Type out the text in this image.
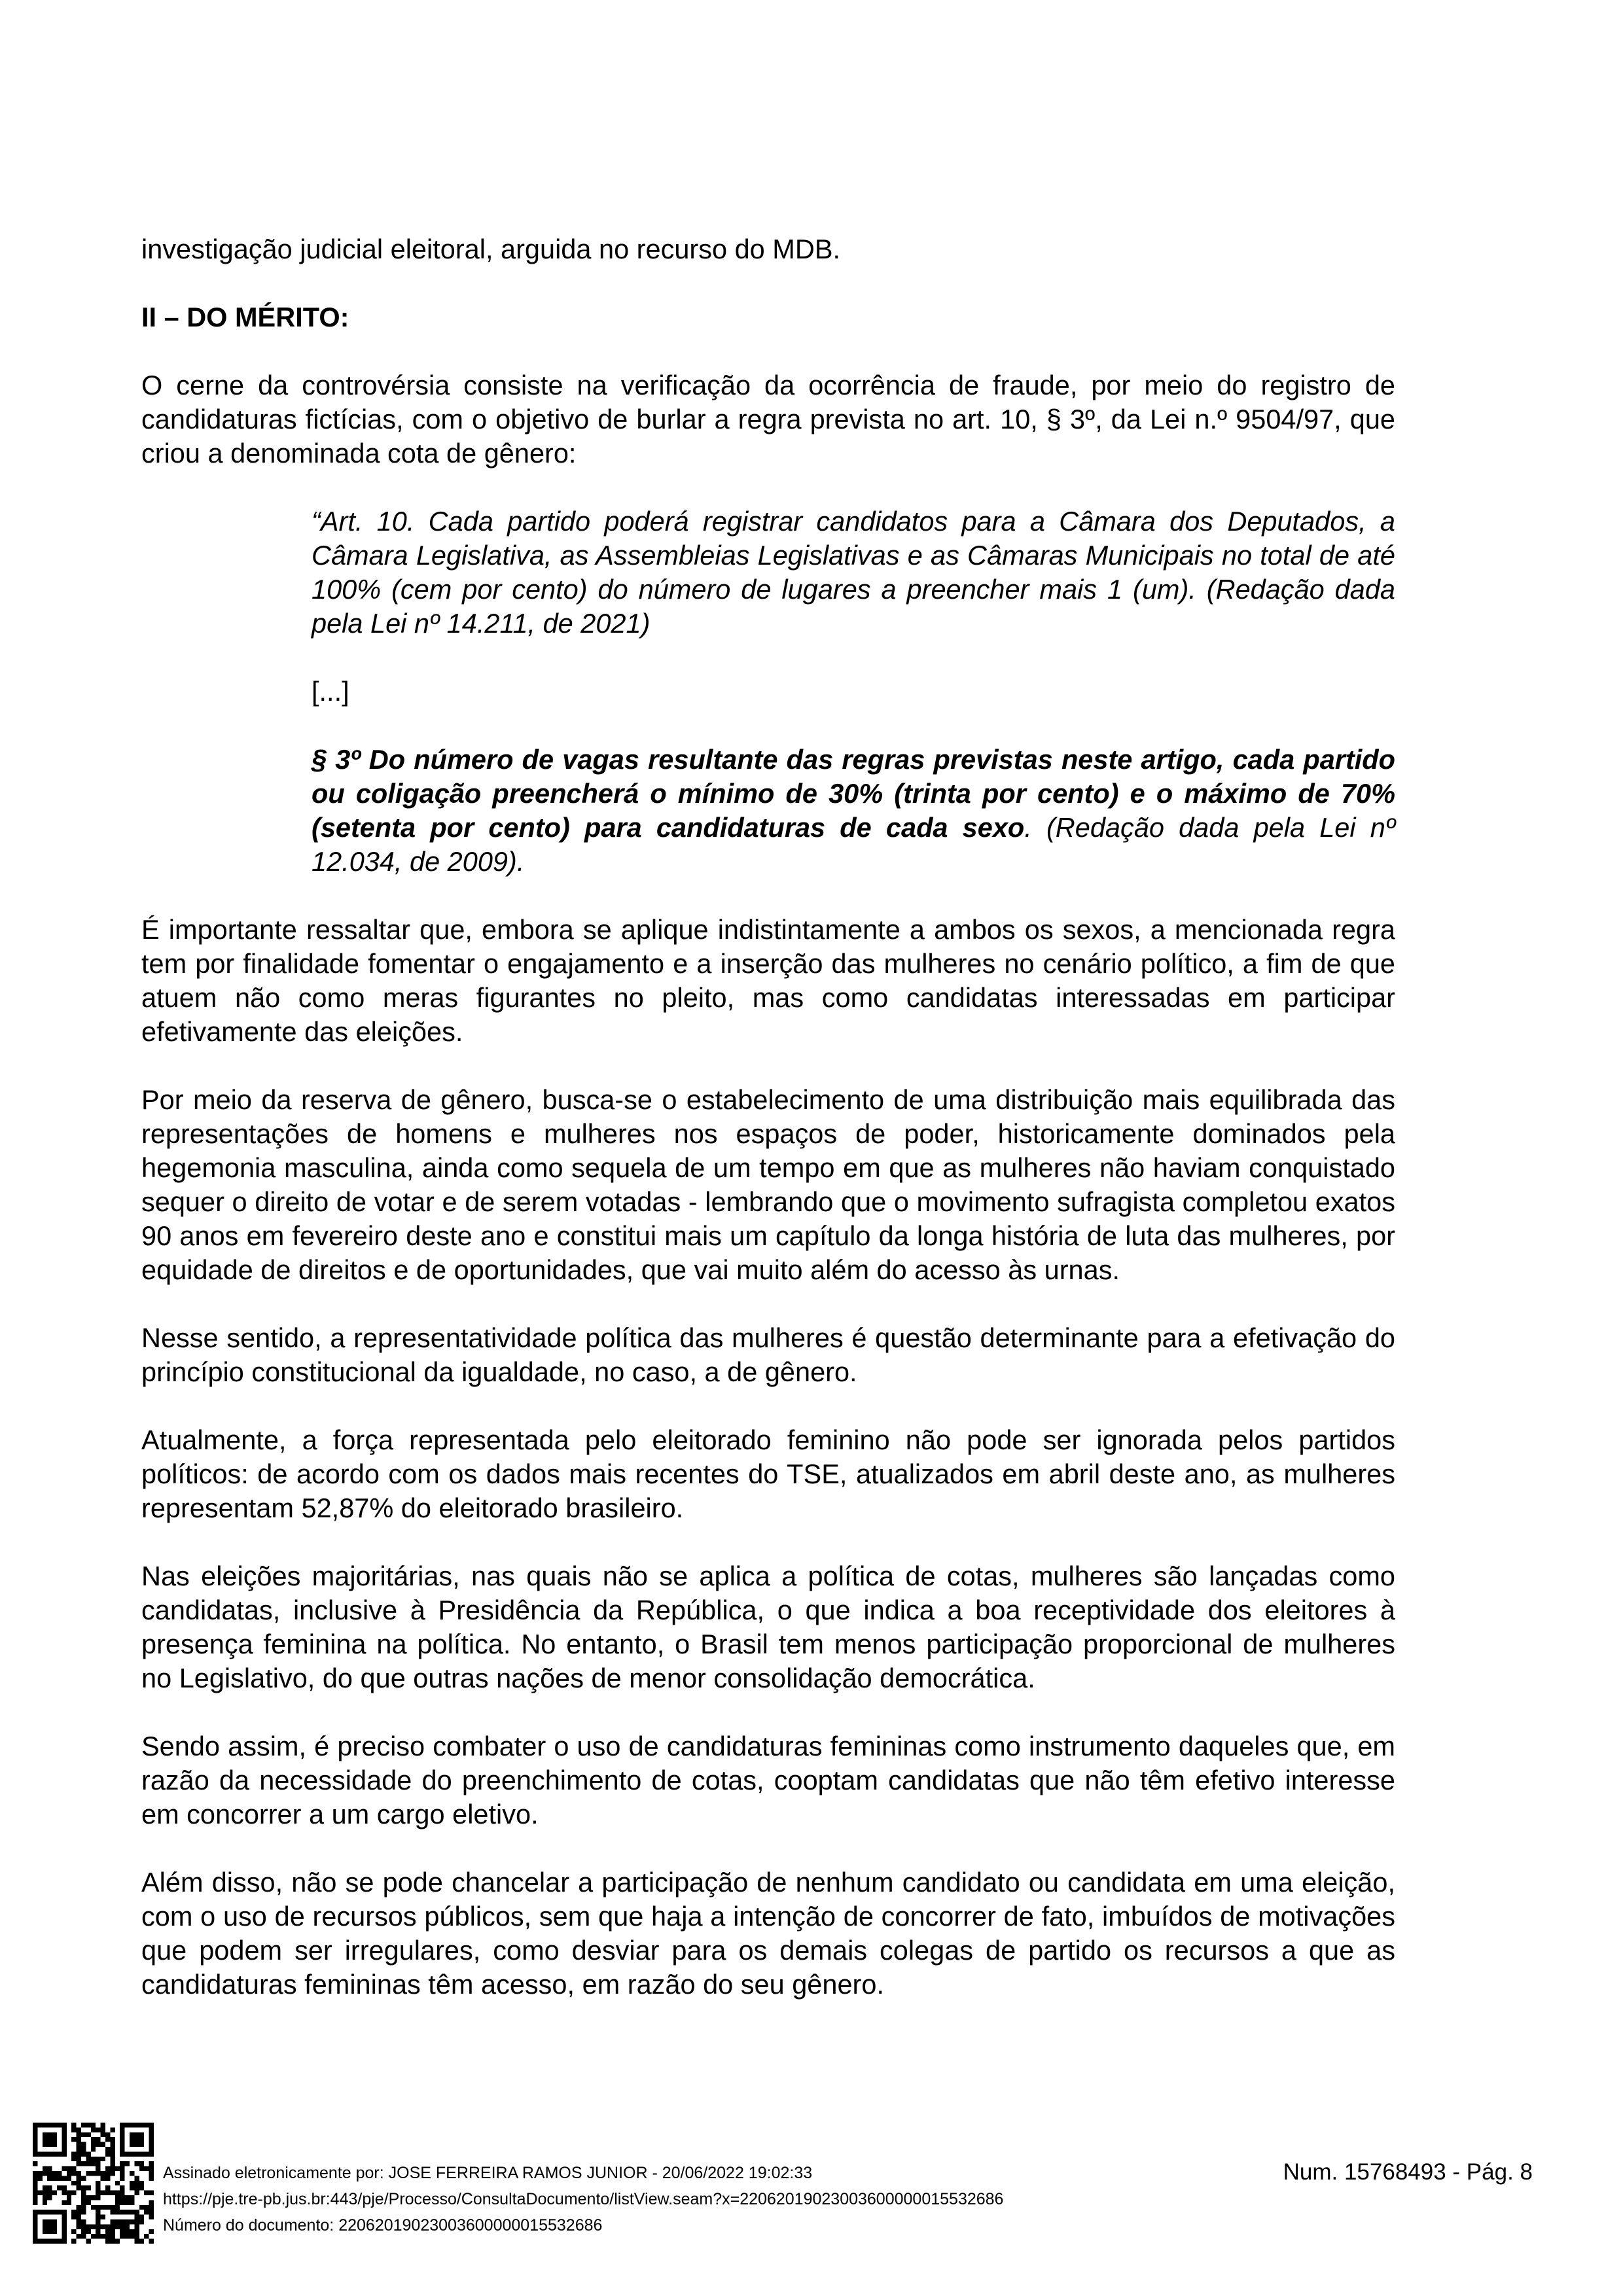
investigação judicial eleitoral, arguida no recurso do MDB.

II – DO MÉRITO:

O cerne da controvérsia consiste na verificação da ocorrência de fraude, por meio do registro de candidaturas fictícias, com o objetivo de burlar a regra prevista no art. 10, § 3º, da Lei n.º 9504/97, que criou a denominada cota de gênero:

“Art. 10. Cada partido poderá registrar candidatos para a Câmara dos Deputados, a Câmara Legislativa, as Assembleias Legislativas e as Câmaras Municipais no total de até 100% (cem por cento) do número de lugares a preencher mais 1 (um). (Redação dada pela Lei nº 14.211, de 2021)

[...]

§ 3º Do número de vagas resultante das regras previstas neste artigo, cada partido ou coligação preencherá o mínimo de 30% (trinta por cento) e o máximo de 70% (setenta por cento) para candidaturas de cada sexo. (Redação dada pela Lei nº 12.034, de 2009).

É importante ressaltar que, embora se aplique indistintamente a ambos os sexos, a mencionada regra tem por finalidade fomentar o engajamento e a inserção das mulheres no cenário político, a fim de que atuem não como meras figurantes no pleito, mas como candidatas interessadas em participar efetivamente das eleições.

Por meio da reserva de gênero, busca-se o estabelecimento de uma distribuição mais equilibrada das representações de homens e mulheres nos espaços de poder, historicamente dominados pela hegemonia masculina, ainda como sequela de um tempo em que as mulheres não haviam conquistado sequer o direito de votar e de serem votadas - lembrando que o movimento sufragista completou exatos 90 anos em fevereiro deste ano e constitui mais um capítulo da longa história de luta das mulheres, por equidade de direitos e de oportunidades, que vai muito além do acesso às urnas.

Nesse sentido, a representatividade política das mulheres é questão determinante para a efetivação do princípio constitucional da igualdade, no caso, a de gênero.

Atualmente, a força representada pelo eleitorado feminino não pode ser ignorada pelos partidos políticos: de acordo com os dados mais recentes do TSE, atualizados em abril deste ano, as mulheres representam 52,87% do eleitorado brasileiro.

Nas eleições majoritárias, nas quais não se aplica a política de cotas, mulheres são lançadas como candidatas, inclusive à Presidência da República, o que indica a boa receptividade dos eleitores à presença feminina na política. No entanto, o Brasil tem menos participação proporcional de mulheres no Legislativo, do que outras nações de menor consolidação democrática.

Sendo assim, é preciso combater o uso de candidaturas femininas como instrumento daqueles que, em razão da necessidade do preenchimento de cotas, cooptam candidatas que não têm efetivo interesse em concorrer a um cargo eletivo.

Além disso, não se pode chancelar a participação de nenhum candidato ou candidata em uma eleição, com o uso de recursos públicos, sem que haja a intenção de concorrer de fato, imbuídos de motivações que podem ser irregulares, como desviar para os demais colegas de partido os recursos a que as candidaturas femininas têm acesso, em razão do seu gênero.

Assinado eletronicamente por: JOSE FERREIRA RAMOS JUNIOR - 20/06/2022 19:02:33
https://pje.tre-pb.jus.br:443/pje/Processo/ConsultaDocumento/listView.seam?x=22062019023003600000015532686
Número do documento: 22062019023003600000015532686
Num. 15768493 - Pág. 8
